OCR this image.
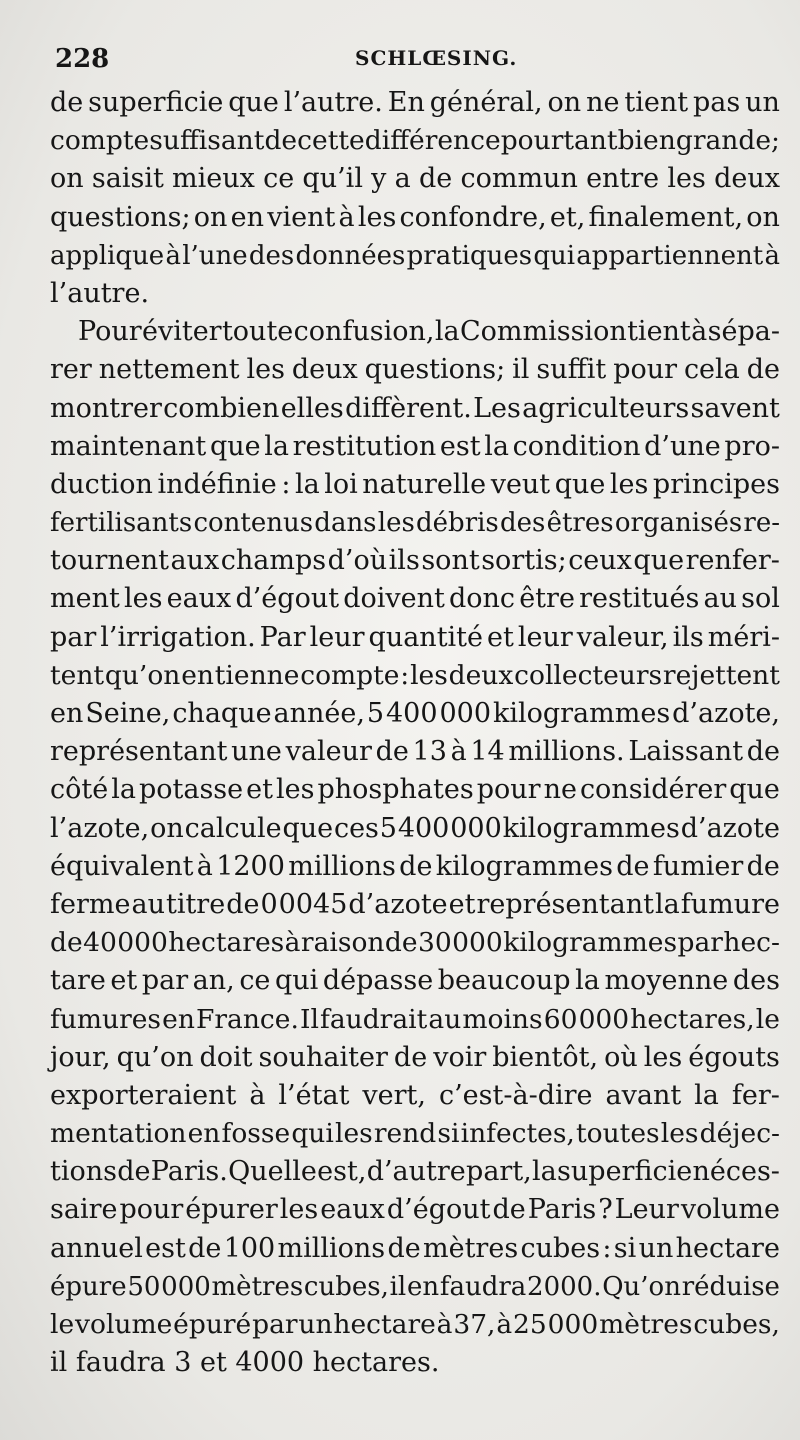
228	SCHLŒSING.
de superficie que l’autre. En général, on ne tient pas un
compte suffisant de cette différence pourtant bien grande;
on saisit mieux ce qu’il y a de commun entre les deux
questions; on en vient à les confondre, et, finalement, on
applique à l’une des données pratiques qui appartiennent à
l’autre.
Pour éviter toute confusion, la Commission tient à sépa-
rer nettement les deux questions; il suffit pour cela de
montrer combien elles diffèrent. Les agriculteurs savent
maintenant que la restitution est la condition d’une pro-
duction indéfinie : la loi naturelle veut que les principes
fertilisants contenus dans les débris des êtres organisés re-
tournent aux champs d’où ils sont sortis; ceux que renfer-
ment les eaux d’égout doivent donc être restitués au sol
par l’irrigation. Par leur quantité et leur valeur, ils méri-
tent qu’on en tienne compte : les deux collecteurs rejettent
en Seine, chaque année, 5 400 000 kilogrammes d’azote,
représentant une valeur de 13 à 14 millions. Laissant de
côté la potasse et les phosphates pour ne considérer que
l’azote, on calcule que ces 5 400 000 kilogrammes d’azote
équivalent à 1200 millions de kilogrammes de fumier de
ferme au titre de 0 0045 d’azote et représentant la fumure
de 40 000 hectares à raison de 30 000 kilogrammes par hec-
tare et par an, ce qui dépasse beaucoup la moyenne des
fumures en France. Il faudrait au moins 60 000 hectares, le
jour, qu’on doit souhaiter de voir bientôt, où les égouts
exporteraient à l’état vert, c’est-à-dire avant la fer-
mentation en fosse qui les rend si infectes, toutes les déjec-
tions de Paris. Quelle est, d’autre part, la superficie néces-
saire pour épurer les eaux d’égout de Paris ? Leur volume
annuel est de 100 millions de mètres cubes : si un hectare
épure 50 000 mètres cubes, il en faudra 2000. Qu’on réduise
le volume épuré par un hectare à 37, à 25 000 mètres cubes,
il faudra 3 et 4000 hectares.
